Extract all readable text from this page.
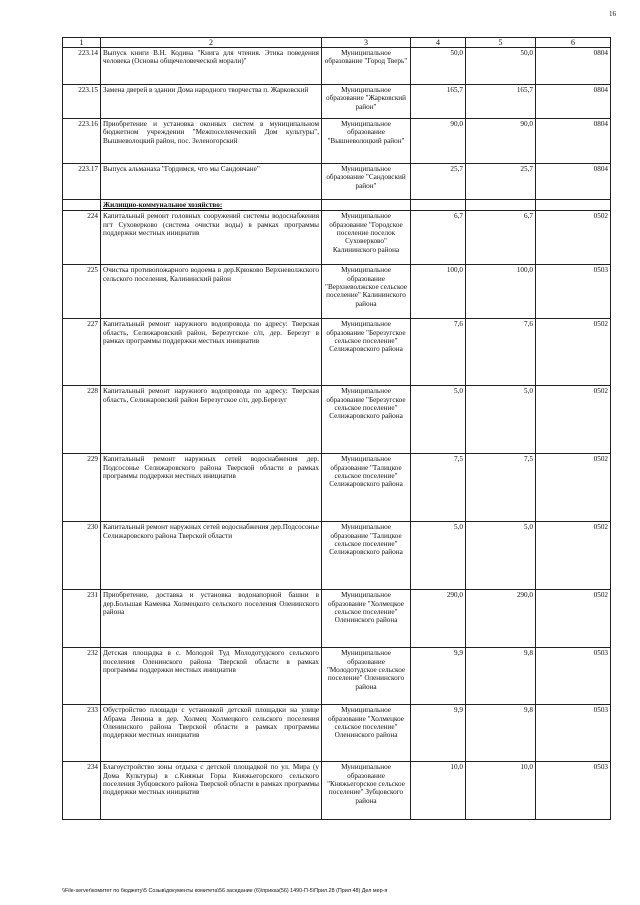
16
1	2	3	4	5	6
223.14	Выпуск книги В.Н. Кодина "Книга для чтения. Этика поведения человека (Основы общечеловеческой морали)"	Муниципальное образование "Город Тверь"	50,0	50,0	0804
223.15	Замена дверей в здании Дома народного творчества п. Жарковский	Муниципальное образование "Жарковский район"	165,7	165,7	0804
223.16	Приобретение и установка оконных систем в муниципальном бюджетном учреждении "Межпоселенческий Дом культуры", Вышневолоцкий район, пос. Зеленогорский	Муниципальное образование "Вышневолоцкий район"	90,0	90,0	0804
223.17	Выпуск альманаха "Гордимся, что мы Сандовчане"	Муниципальное образование "Сандовский район"	25,7	25,7	0804
	Жилищно-коммунальное хозяйство:				
224	Капитальный ремонт головных сооружений системы водоснабжения пгт Суховерково (система очистки воды) в рамках программы поддержки местных инициатив	Муниципальное образование "Городское поселение поселок Суховерково" Калининского района	6,7	6,7	0502
225	Очистка противопожарного водоема в дер.Крюково Верхневолжского сельского поселения, Калининский район	Муниципальное образование "Верхневолжское сельское поселение" Калининского района	100,0	100,0	0503
227	Капитальный ремонт наружного водопровода по адресу: Тверская область, Селижаровский район, Березугское с/п, дер. Березуг в рамках программы поддержки местных инициатив	Муниципальное образование "Березугское сельское поселение" Селижаровского района	7,6	7,6	0502
228	Капитальный ремонт наружного водопровода по адресу: Тверская область, Селижаровский район Березугское с/п, дер.Березуг	Муниципальное образование "Березугское сельское поселение" Селижаровского района	5,0	5,0	0502
229	Капитальный ремонт наружных сетей водоснабжения дер. Подсосонье Селижаровского района Тверской области в рамках программы поддержки местных инициатив	Муниципальное образование "Талицкое сельское поселение" Селижаровского района	7,5	7,5	0502
230	Капитальный ремонт наружных сетей водоснабжения дер.Подсосонье Селижаровского района Тверской области	Муниципальное образование "Талицкое сельское поселение" Селижаровского района	5,0	5,0	0502
231	Приобретение, доставка и установка водонапорной башни в дер.Большая Каменка Холмецкого сельского поселения Оленинского района	Муниципальное образование "Холмецкое сельское поселение" Оленинского района	290,0	290,0	0502
232	Детская площадка в с. Молодой Туд Молодотудского сельского поселения Оленинского района Тверской области в рамках программы поддержки местных инициатив	Муниципальное образование "Молодотудское сельское поселение" Оленинского района	9,9	9,8	0503
233	Обустройство площади с установкой детской площадки на улице Абрама Ленина в дер. Холмец Холмецкого сельского поселения Оленинского района Тверской области в рамках программы поддержки местных инициатив	Муниципальное образование "Холмецкое сельское поселение" Оленинского района	9,9	9,8	0503
234	Благоустройство зоны отдыха с детской площадкой по ул. Мира (у Дома Культуры) в с.Княжьи Горы Княжьегорского сельского поселения Зубцовского района Тверской области в рамках программы поддержки местных инициатив	Муниципальное образование "Княжьегорское сельское поселение" Зубцовского района	10,0	10,0	0503
\\File-server\комитет по бюджету\5 Созыв\документы комитета\56 заседание (6)\приказ(56) 1490-П-5\Прил.28 (Прил 48) Дел мер-я
